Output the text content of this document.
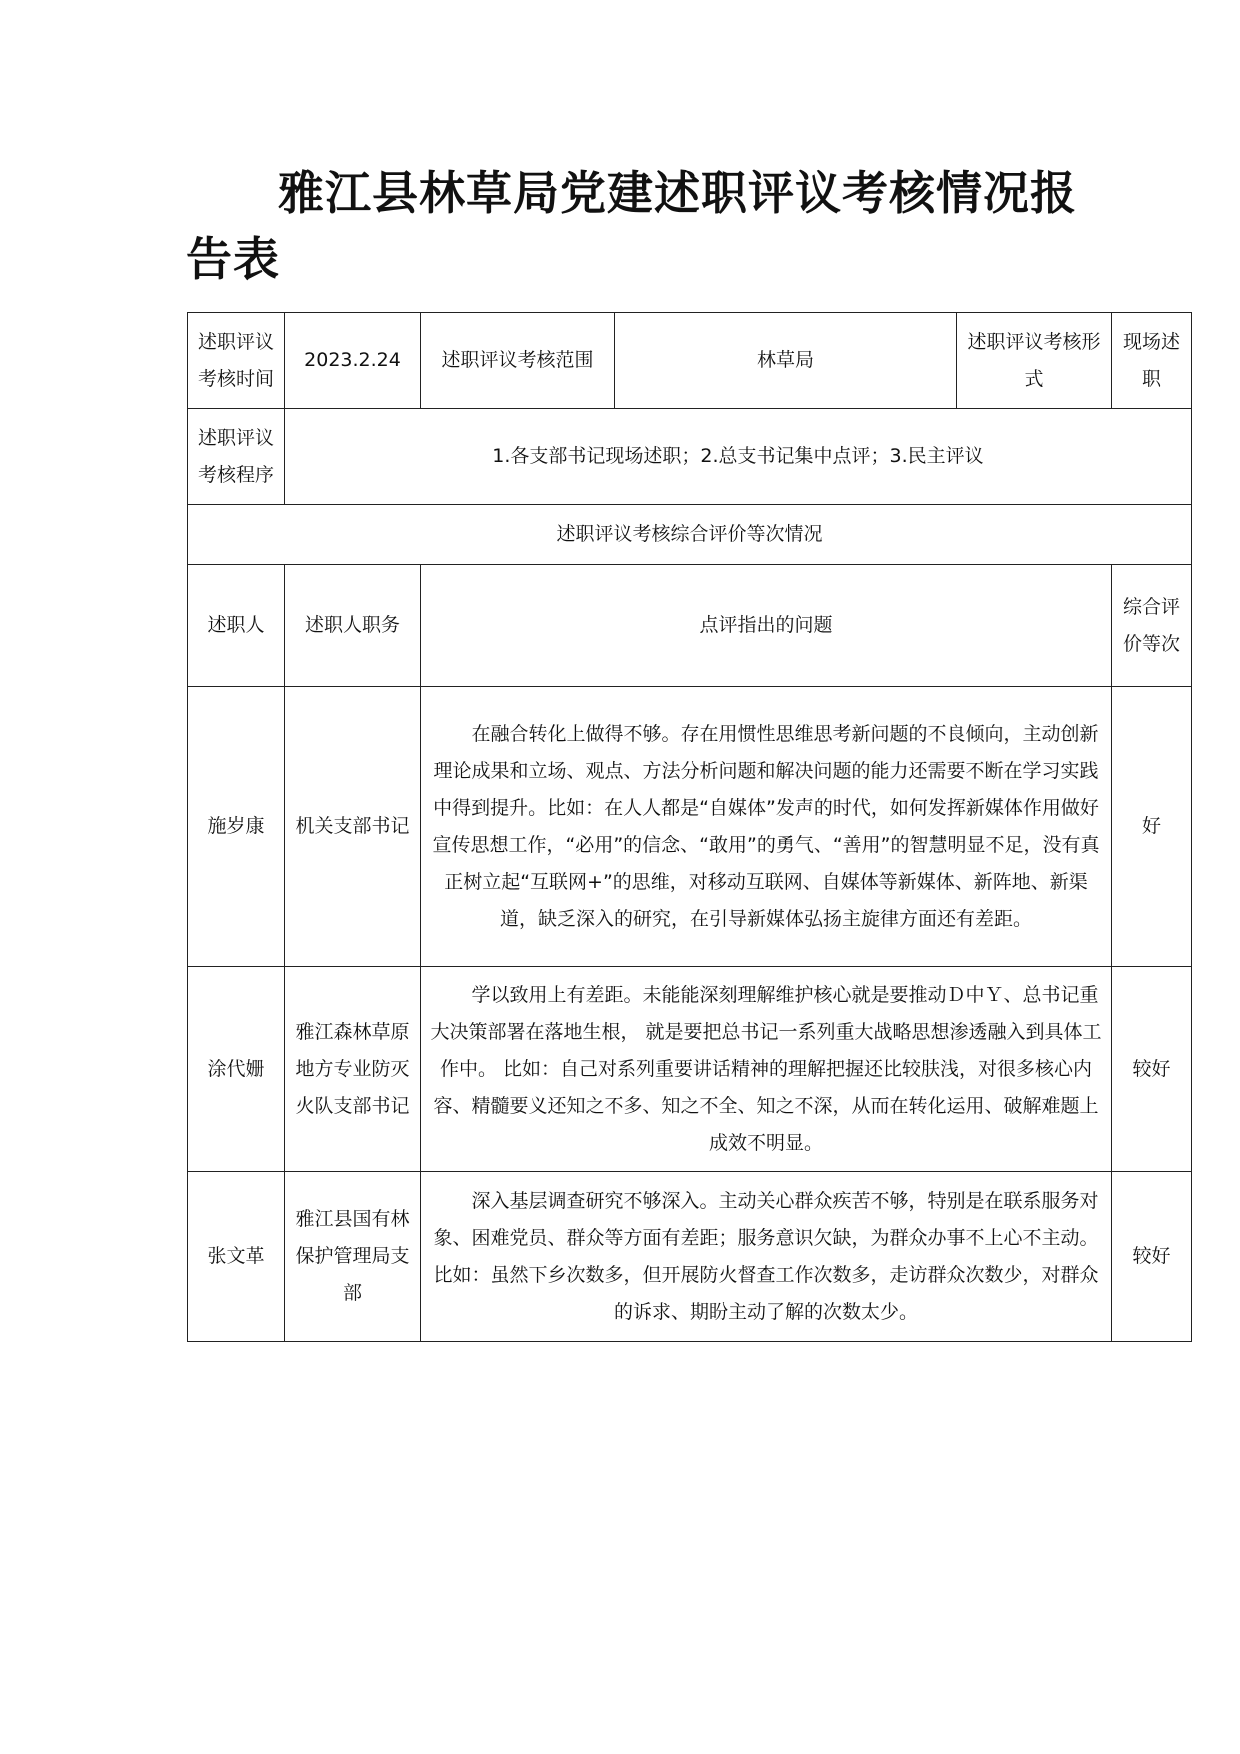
雅江县林草局党建述职评议考核情况报告表
述职评议考核时间	2023.2.24	述职评议考核范围	林草局	述职评议考核形式	现场述职
述职评议考核程序	1.各支部书记现场述职；2.总支书记集中点评；3.民主评议				
述职评议考核综合评价等次情况					
述职人	述职人职务	点评指出的问题			综合评价等次
施岁康	机关支部书记	在融合转化上做得不够。存在用惯性思维思考新问题的不良倾向，主动创新理论成果和立场、观点、方法分析问题和解决问题的能力还需要不断在学习实践中得到提升。比如：在人人都是“自媒体”发声的时代，如何发挥新媒体作用做好宣传思想工作，“必用”的信念、“敢用”的勇气、“善用”的智慧明显不足，没有真正树立起“互联网+”的思维，对移动互联网、自媒体等新媒体、新阵地、新渠道，缺乏深入的研究，在引导新媒体弘扬主旋律方面还有差距。			好
涂代姗	雅江森林草原地方专业防灭火队支部书记	学以致用上有差距。未能能深刻理解维护核心就是要推动Ｄ中Ｙ、总书记重大决策部署在落地生根， 就是要把总书记一系列重大战略思想渗透融入到具体工作中。 比如：自己对系列重要讲话精神的理解把握还比较肤浅，对很多核心内容、精髓要义还知之不多、知之不全、知之不深，从而在转化运用、破解难题上成效不明显。			较好
张文革	雅江县国有林保护管理局支部	深入基层调查研究不够深入。主动关心群众疾苦不够，特别是在联系服务对象、困难党员、群众等方面有差距；服务意识欠缺，为群众办事不上心不主动。比如：虽然下乡次数多，但开展防火督查工作次数多，走访群众次数少，对群众的诉求、期盼主动了解的次数太少。			较好
